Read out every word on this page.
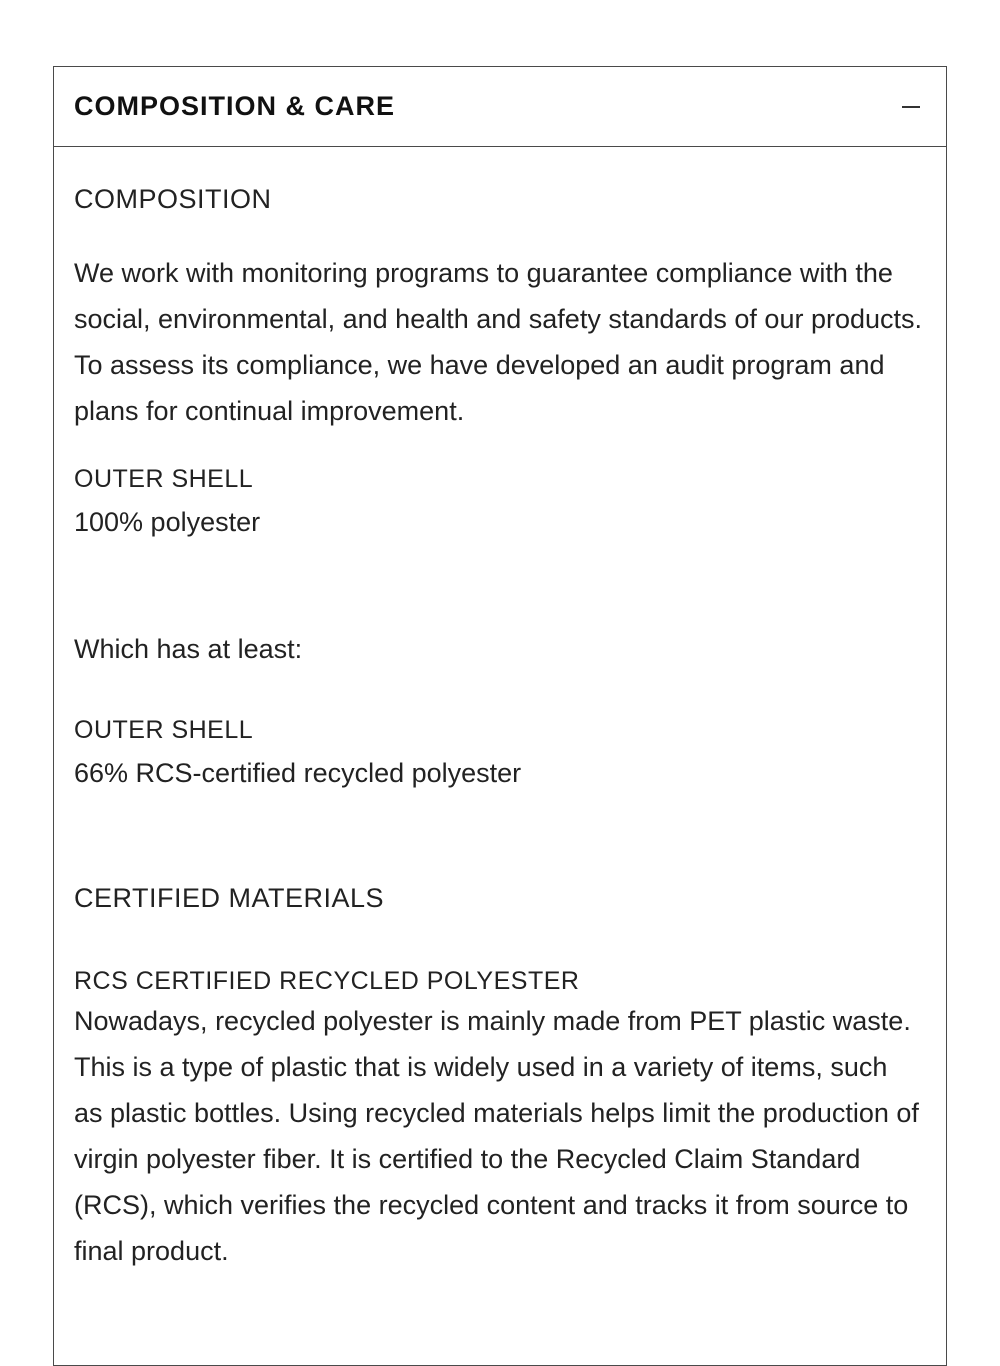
COMPOSITION & CARE

COMPOSITION

We work with monitoring programs to guarantee compliance with the social, environmental, and health and safety standards of our products. To assess its compliance, we have developed an audit program and plans for continual improvement.

OUTER SHELL

100% polyester

Which has at least:

OUTER SHELL

66% RCS-certified recycled polyester

CERTIFIED MATERIALS

RCS CERTIFIED RECYCLED POLYESTER

Nowadays, recycled polyester is mainly made from PET plastic waste. This is a type of plastic that is widely used in a variety of items, such as plastic bottles. Using recycled materials helps limit the production of virgin polyester fiber. It is certified to the Recycled Claim Standard (RCS), which verifies the recycled content and tracks it from source to final product.
